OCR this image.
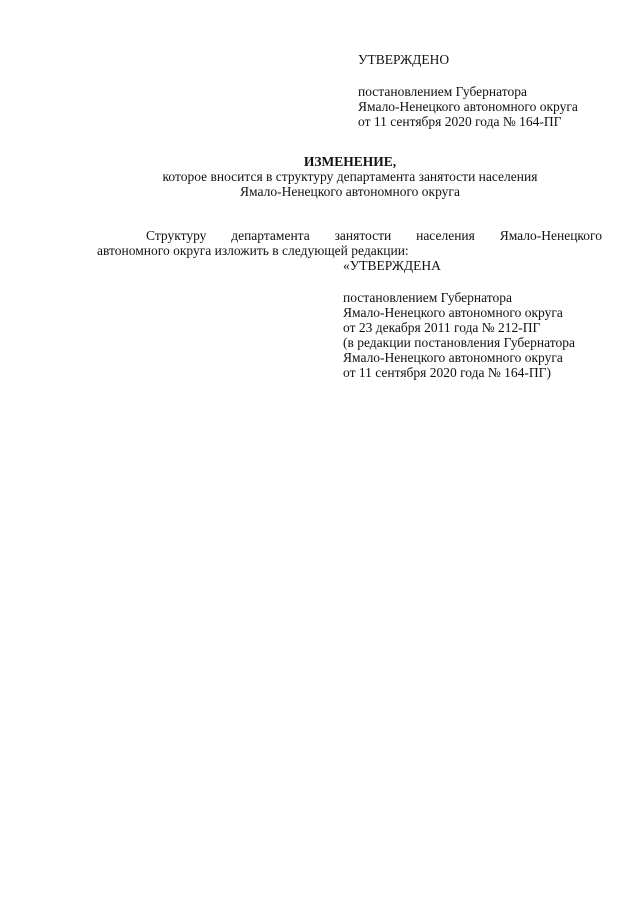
УТВЕРЖДЕНО
постановлением Губернатора
Ямало-Ненецкого автономного округа
от 11 сентября 2020 года № 164-ПГ
ИЗМЕНЕНИЕ,
которое вносится в структуру департамента занятости населения
Ямало-Ненецкого автономного округа
Структуру департамента занятости населения Ямало-Ненецкого
автономного округа изложить в следующей редакции:
«УТВЕРЖДЕНА
постановлением Губернатора
Ямало-Ненецкого автономного округа
от 23 декабря 2011 года № 212-ПГ
(в редакции постановления Губернатора
Ямало-Ненецкого автономного округа
от 11 сентября 2020 года № 164-ПГ)
